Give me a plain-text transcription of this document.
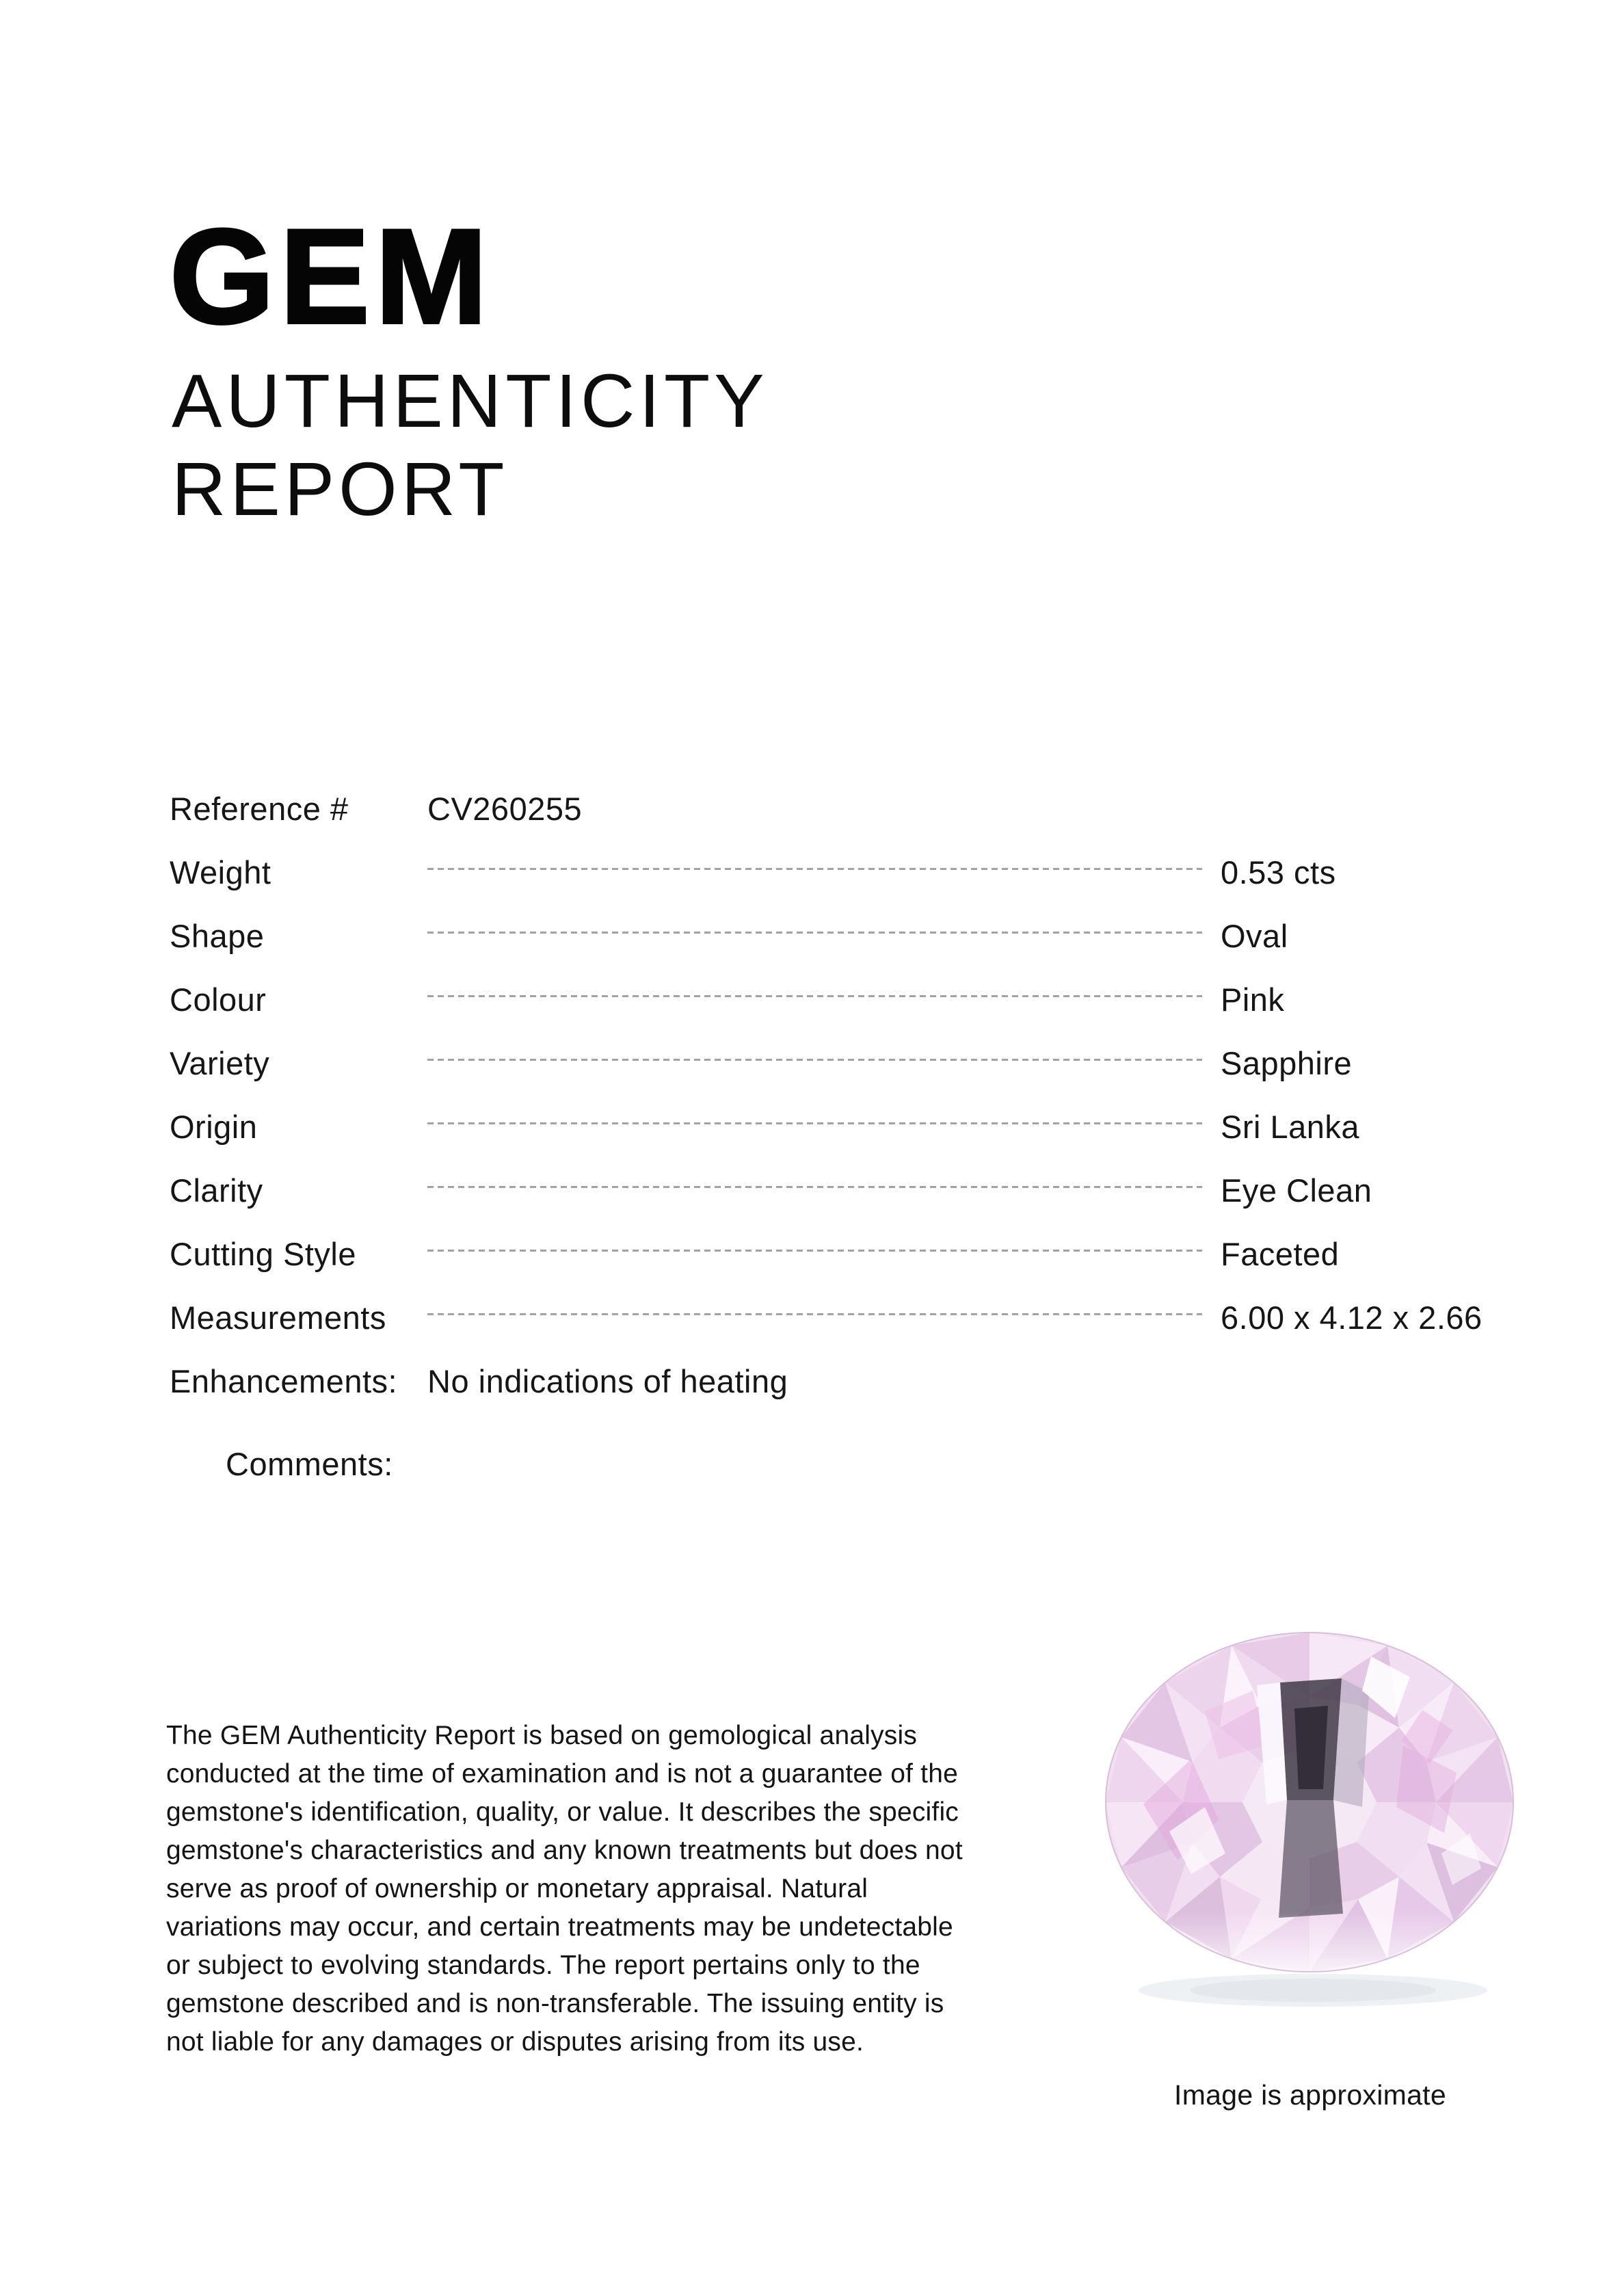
GEM
AUTHENTICITY
REPORT
Reference # CV260255
Weight	0.53 cts
Shape	Oval
Colour	Pink
Variety	Sapphire
Origin	Sri Lanka
Clarity	Eye Clean
Cutting Style	Faceted
Measurements	6.00 x 4.12 x 2.66
Enhancements: No indications of heating
Comments:
The GEM Authenticity Report is based on gemological analysis
conducted at the time of examination and is not a guarantee of the
gemstone's identification, quality, or value. It describes the specific
gemstone's characteristics and any known treatments but does not
serve as proof of ownership or monetary appraisal. Natural
variations may occur, and certain treatments may be undetectable
or subject to evolving standards. The report pertains only to the
gemstone described and is non-transferable. The issuing entity is
not liable for any damages or disputes arising from its use.
Image is approximate
